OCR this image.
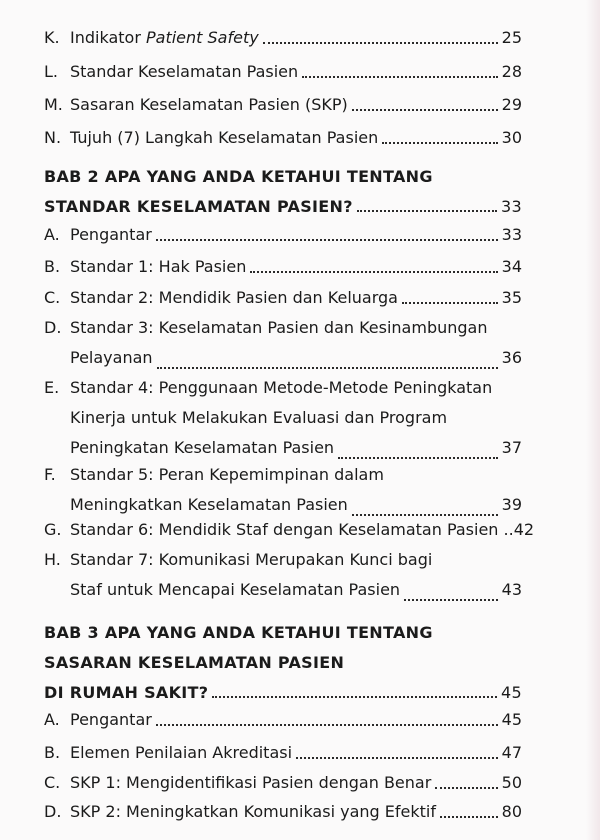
K. Indikator Patient Safety	25
L. Standar Keselamatan Pasien	28
M. Sasaran Keselamatan Pasien (SKP)	29
N. Tujuh (7) Langkah Keselamatan Pasien	30
BAB 2 APA YANG ANDA KETAHUI TENTANG
STANDAR KESELAMATAN PASIEN?	33
A. Pengantar	33
B. Standar 1: Hak Pasien	34
C. Standar 2: Mendidik Pasien dan Keluarga	35
D. Standar 3: Keselamatan Pasien dan Kesinambungan
Pelayanan	36
E. Standar 4: Penggunaan Metode-Metode Peningkatan
Kinerja untuk Melakukan Evaluasi dan Program
Peningkatan Keselamatan Pasien	37
F. Standar 5: Peran Kepemimpinan dalam
Meningkatkan Keselamatan Pasien	39
G. Standar 6: Mendidik Staf dengan Keselamatan Pasien .. 42
H. Standar 7: Komunikasi Merupakan Kunci bagi
Staf untuk Mencapai Keselamatan Pasien	43
BAB 3 APA YANG ANDA KETAHUI TENTANG
SASARAN KESELAMATAN PASIEN
DI RUMAH SAKIT?	45
A. Pengantar	45
B. Elemen Penilaian Akreditasi	47
C. SKP 1: Mengidentifikasi Pasien dengan Benar	50
D. SKP 2: Meningkatkan Komunikasi yang Efektif	80
